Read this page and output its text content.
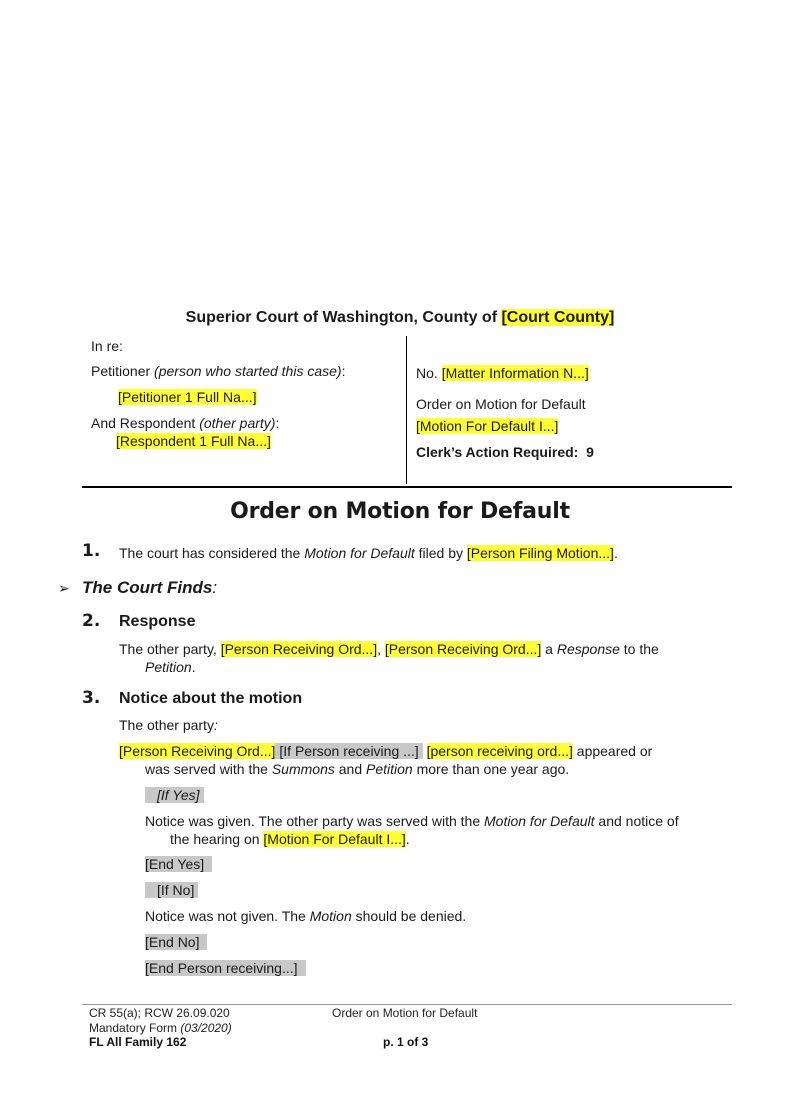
Superior Court of Washington, County of [Court County]
In re:
Petitioner (person who started this case):
[Petitioner 1 Full Na...]
And Respondent (other party):
[Respondent 1 Full Na...]
No. [Matter Information N...]
Order on Motion for Default
[Motion For Default I...]
Clerk’s Action Required: 9
Order on Motion for Default
1. The court has considered the Motion for Default filed by [Person Filing Motion...].
➢ The Court Finds:
2. Response
The other party, [Person Receiving Ord...], [Person Receiving Ord...] a Response to the
Petition.
3. Notice about the motion
The other party:
[Person Receiving Ord...] [If Person receiving ...] [person receiving ord...] appeared or
was served with the Summons and Petition more than one year ago.
[If Yes]
Notice was given. The other party was served with the Motion for Default and notice of
the hearing on [Motion For Default I...].
[End Yes]
[If No]
Notice was not given. The Motion should be denied.
[End No]
[End Person receiving...]
CR 55(a); RCW 26.09.020
Mandatory Form (03/2020)
FL All Family 162
Order on Motion for Default
p. 1 of 3
